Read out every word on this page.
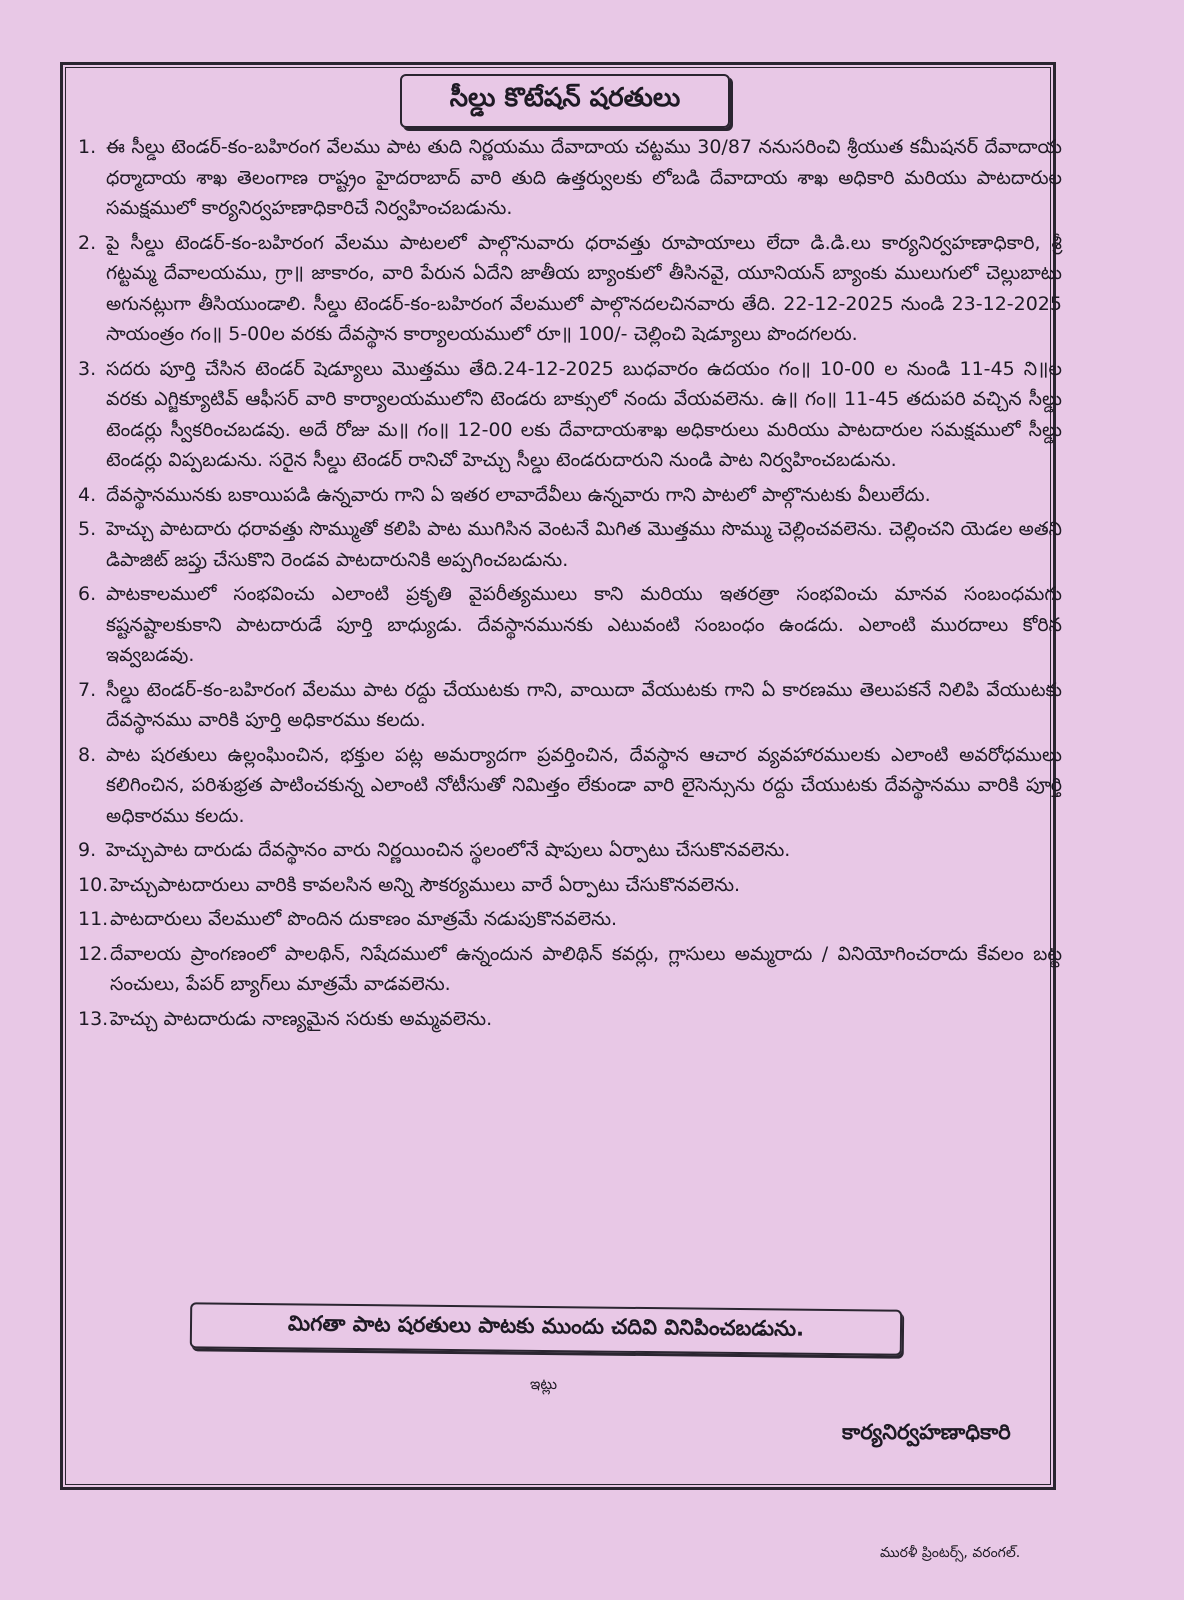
సీల్డు కొటేషన్ షరతులు
1. ఈ సీల్డు టెండర్-కం-బహిరంగ వేలము పాట తుది నిర్ణయము దేవాదాయ చట్టము 30/87 ననుసరించి శ్రీయుత కమీషనర్ దేవాదాయ ధర్మాదాయ శాఖ తెలంగాణ రాష్ట్రం హైదరాబాద్ వారి తుది ఉత్తర్వులకు లోబడి దేవాదాయ శాఖ అధికారి మరియు పాటదారుల సమక్షములో కార్యనిర్వహణాధికారిచే నిర్వహించబడును.
2. పై సీల్డు టెండర్-కం-బహిరంగ వేలము పాటలలో పాల్గొనువారు ధరావత్తు రూపాయాలు లేదా డి.డి.లు కార్యనిర్వహణాధికారి, శ్రీ గట్టమ్మ దేవాలయము, గ్రా॥ జాకారం, వారి పేరున ఏదేని జాతీయ బ్యాంకులో తీసినవై, యూనియన్ బ్యాంకు ములుగులో చెల్లుబాటు అగునట్లుగా తీసియుండాలి. సీల్డు టెండర్-కం-బహిరంగ వేలములో పాల్గొనదలచినవారు తేది. 22-12-2025 నుండి 23-12-2025 సాయంత్రం గం॥ 5-00ల వరకు దేవస్థాన కార్యాలయములో రూ॥ 100/- చెల్లించి షెడ్యూలు పొందగలరు.
3. సదరు పూర్తి చేసిన టెండర్ షెడ్యూలు మొత్తము తేది.24-12-2025 బుధవారం ఉదయం గం॥ 10-00 ల నుండి 11-45 ని॥ల వరకు ఎగ్జిక్యూటివ్ ఆఫీసర్ వారి కార్యాలయములోని టెండరు బాక్సులో నందు వేయవలెను. ఉ॥ గం॥ 11-45 తదుపరి వచ్చిన సీల్డు టెండర్లు స్వీకరించబడవు. అదే రోజు మ॥ గం॥ 12-00 లకు దేవాదాయశాఖ అధికారులు మరియు పాటదారుల సమక్షములో సీల్డు టెండర్లు విప్పబడును. సరైన సీల్డు టెండర్ రానిచో హెచ్చు సీల్డు టెండరుదారుని నుండి పాట నిర్వహించబడును.
4. దేవస్థానమునకు బకాయిపడి ఉన్నవారు గాని ఏ ఇతర లావాదేవీలు ఉన్నవారు గాని పాటలో పాల్గొనుటకు వీలులేదు.
5. హెచ్చు పాటదారు ధరావత్తు సొమ్ముతో కలిపి పాట ముగిసిన వెంటనే మిగిత మొత్తము సొమ్ము చెల్లించవలెను. చెల్లించని యెడల అతని డిపాజిట్ జప్తు చేసుకొని రెండవ పాటదారునికి అప్పగించబడును.
6. పాటకాలములో సంభవించు ఎలాంటి ప్రకృతి వైపరీత్యములు కాని మరియు ఇతరత్రా సంభవించు మానవ సంబంధమగు కష్టనష్టాలకుకాని పాటదారుడే పూర్తి బాధ్యుడు. దేవస్థానమునకు ఎటువంటి సంబంధం ఉండదు. ఎలాంటి మురదాలు కోరిన ఇవ్వబడవు.
7. సీల్డు టెండర్-కం-బహిరంగ వేలము పాట రద్దు చేయుటకు గాని, వాయిదా వేయుటకు గాని ఏ కారణము తెలుపకనే నిలిపి వేయుటకు దేవస్థానము వారికి పూర్తి అధికారము కలదు.
8. పాట షరతులు ఉల్లంఘించిన, భక్తుల పట్ల అమర్యాదగా ప్రవర్తించిన, దేవస్థాన ఆచార వ్యవహారములకు ఎలాంటి అవరోధములు కలిగించిన, పరిశుభ్రత పాటించకున్న ఎలాంటి నోటీసుతో నిమిత్తం లేకుండా వారి లైసెన్సును రద్దు చేయుటకు దేవస్థానము వారికి పూర్తి అధికారము కలదు.
9. హెచ్చుపాట దారుడు దేవస్థానం వారు నిర్ణయించిన స్థలంలోనే షాపులు ఏర్పాటు చేసుకొనవలెను.
10. హెచ్చుపాటదారులు వారికి కావలసిన అన్ని సౌకర్యములు వారే ఏర్పాటు చేసుకొనవలెను.
11. పాటదారులు వేలములో పొందిన దుకాణం మాత్రమే నడుపుకొనవలెను.
12. దేవాలయ ప్రాంగణంలో పాలథిన్, నిషేదములో ఉన్నందున పాలిథిన్ కవర్లు, గ్లాసులు అమ్మరాదు / వినియోగించరాదు కేవలం బట్ట సంచులు, పేపర్ బ్యాగ్‌లు మాత్రమే వాడవలెను.
13. హెచ్చు పాటదారుడు నాణ్యమైన సరుకు అమ్మవలెను.
మిగతా పాట షరతులు పాటకు ముందు చదివి వినిపించబడును.
ఇట్లు
కార్యనిర్వహణాధికారి
మురళీ ప్రింటర్స్, వరంగల్.
